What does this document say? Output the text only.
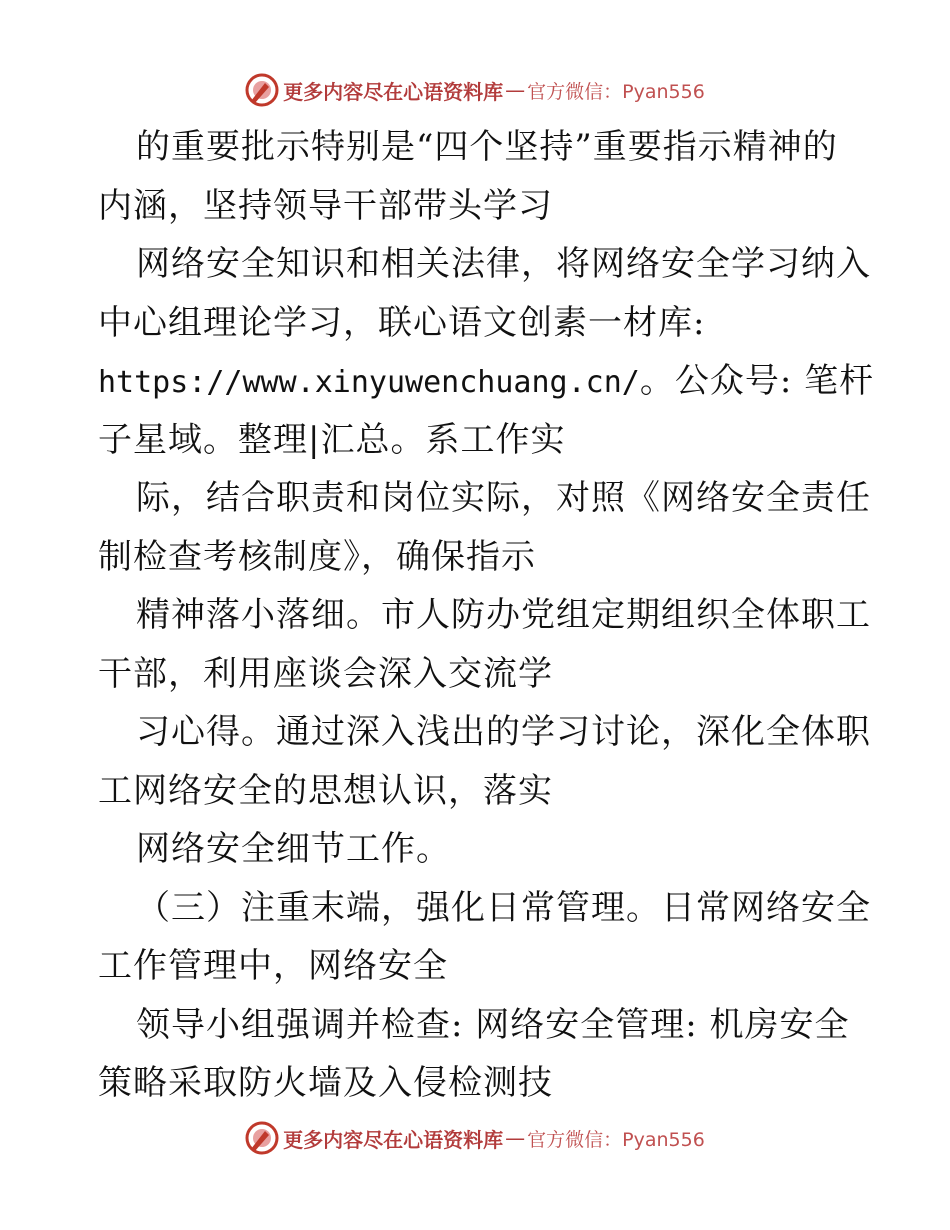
更多内容尽在心语资料库 — 官方微信：Pyan556
的重要批示特别是“四个坚持”重要指示精神的
内涵，坚持领导干部带头学习
网络安全知识和相关法律，将网络安全学习纳入
中心组理论学习，联心语文创素一材库:
https://www.xinyuwenchuang.cn/。公众号: 笔杆
子星域。整理|汇总。系工作实
际，结合职责和岗位实际，对照《网络安全责任
制检查考核制度》，确保指示
精神落小落细。市人防办党组定期组织全体职工
干部，利用座谈会深入交流学
习心得。通过深入浅出的学习讨论，深化全体职
工网络安全的思想认识，落实
网络安全细节工作。
（三）注重末端，强化日常管理。日常网络安全
工作管理中，网络安全
领导小组强调并检查: 网络安全管理: 机房安全
策略采取防火墙及入侵检测技
更多内容尽在心语资料库 — 官方微信：Pyan556
